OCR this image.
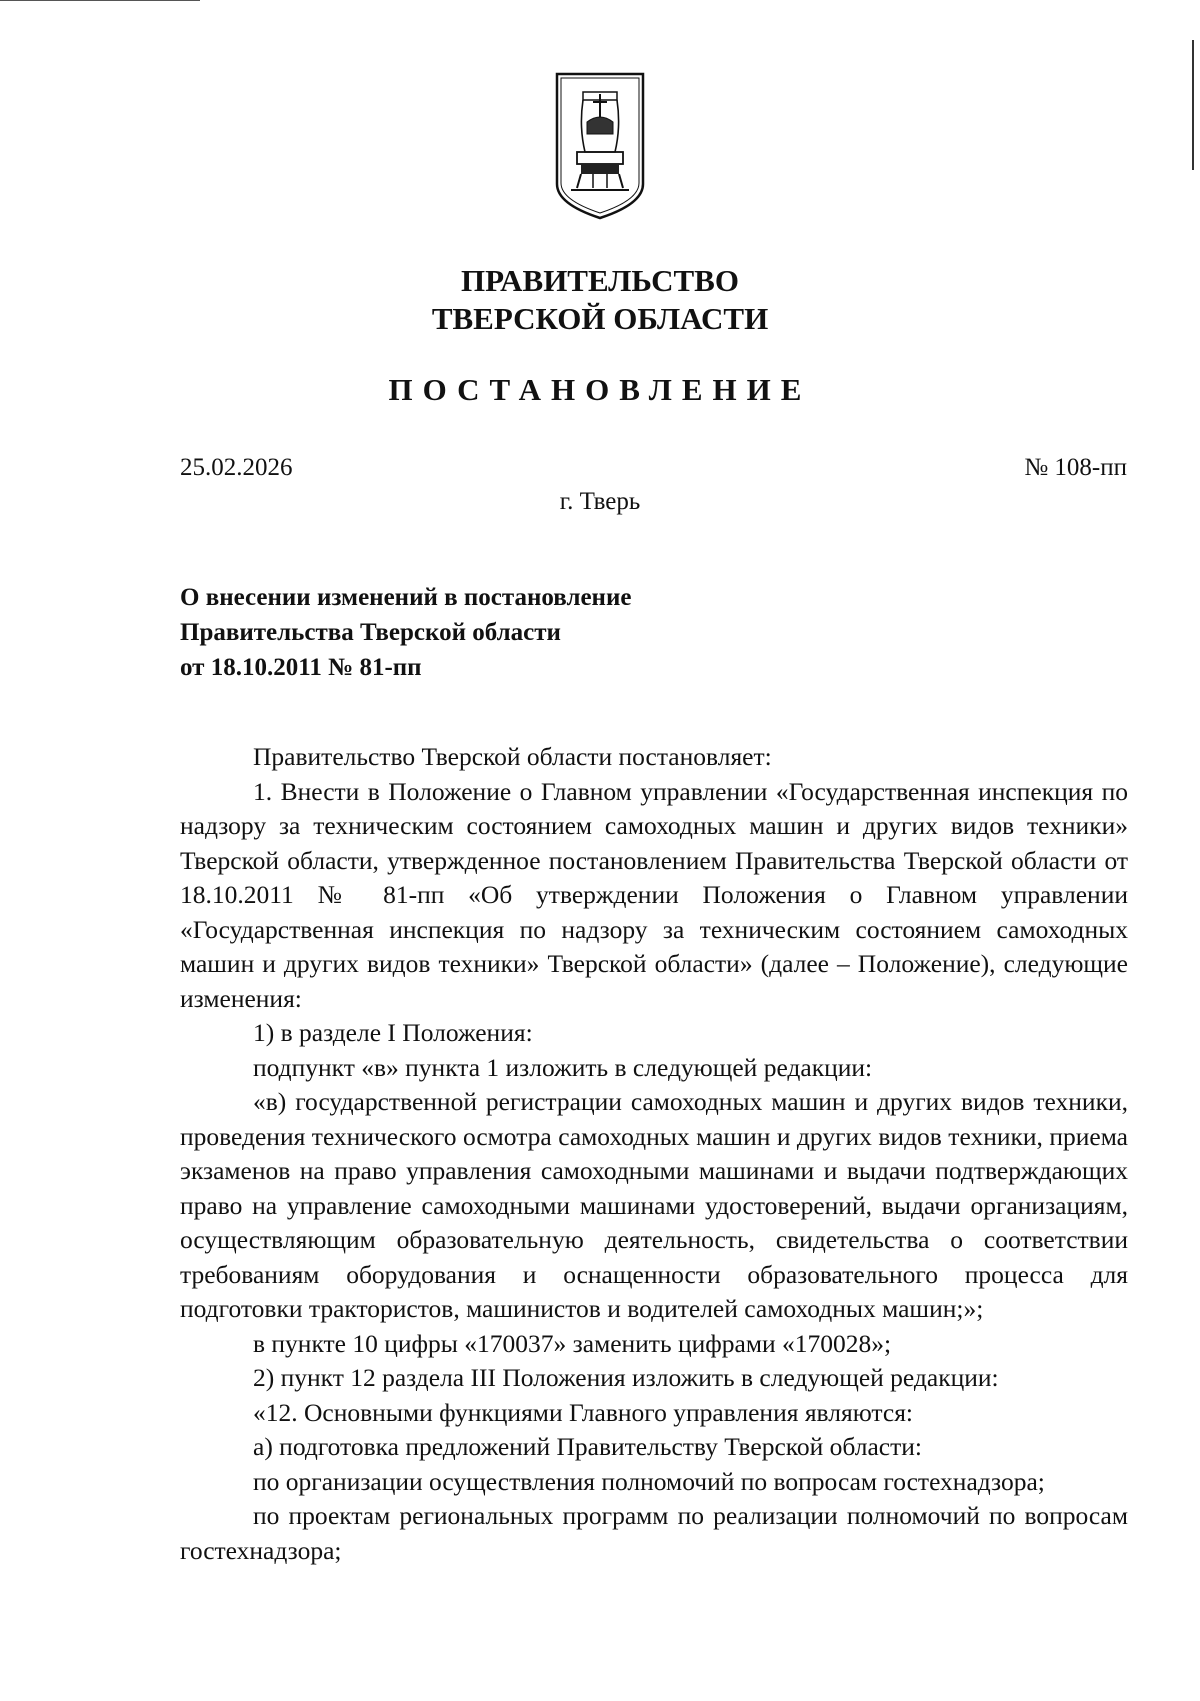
ПРАВИТЕЛЬСТВО
ТВЕРСКОЙ ОБЛАСТИ
ПОСТАНОВЛЕНИЕ
25.02.2026	№ 108-пп
г. Тверь
О внесении изменений в постановление
Правительства Тверской области
от 18.10.2011 № 81-пп

Правительство Тверской области постановляет:

1. Внести в Положение о Главном управлении «Государственная инспекция по надзору за техническим состоянием самоходных машин и других видов техники» Тверской области, утвержденное постановлением Правительства Тверской области от 18.10.2011 № 81-пп «Об утверждении Положения о Главном управлении «Государственная инспекция по надзору за техническим состоянием самоходных машин и других видов техники» Тверской области» (далее – Положение), следующие изменения:

1) в разделе I Положения:

подпункт «в» пункта 1 изложить в следующей редакции:

«в) государственной регистрации самоходных машин и других видов техники, проведения технического осмотра самоходных машин и других видов техники, приема экзаменов на право управления самоходными машинами и выдачи подтверждающих право на управление самоходными машинами удостоверений, выдачи организациям, осуществляющим образовательную деятельность, свидетельства о соответствии требованиям оборудования и оснащенности образовательного процесса для подготовки трактористов, машинистов и водителей самоходных машин;»;

в пункте 10 цифры «170037» заменить цифрами «170028»;

2) пункт 12 раздела III Положения изложить в следующей редакции:

«12. Основными функциями Главного управления являются:

а) подготовка предложений Правительству Тверской области:

по организации осуществления полномочий по вопросам гостехнадзора;

по проектам региональных программ по реализации полномочий по вопросам гостехнадзора;
